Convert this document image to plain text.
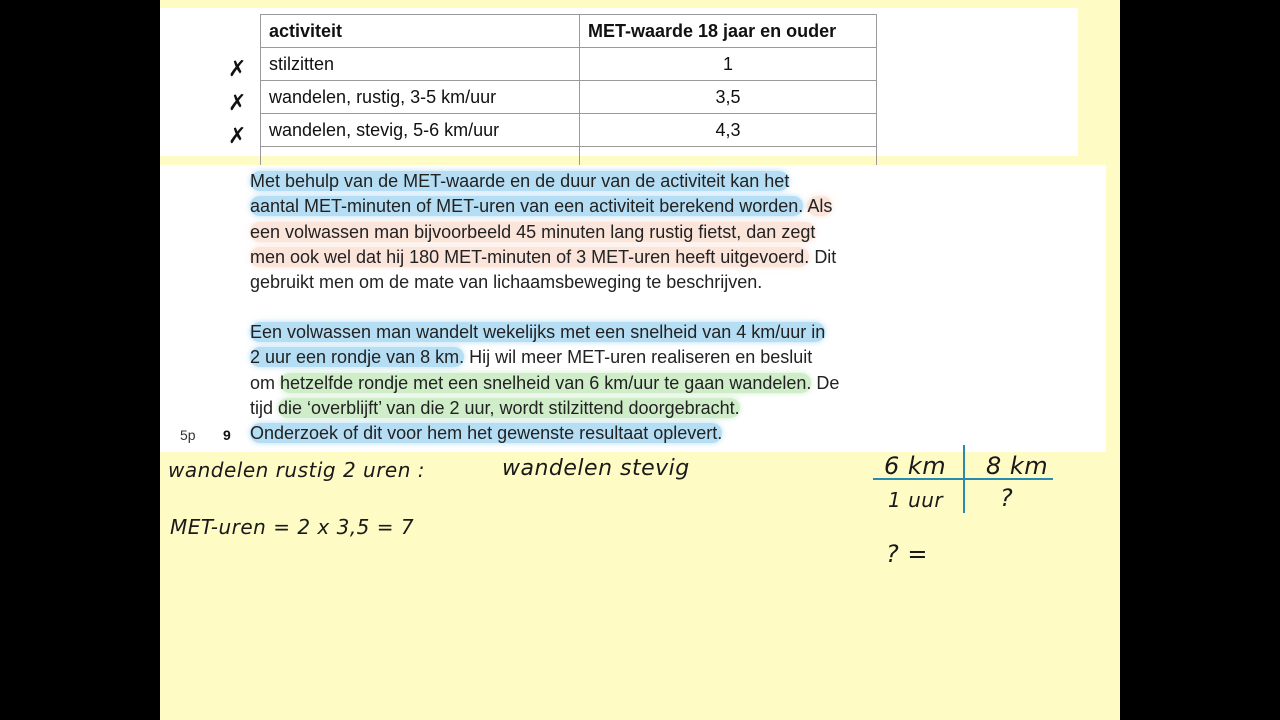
✗
✗
✗
activiteit	MET-waarde 18 jaar en ouder
stilzitten	1
wandelen, rustig, 3-5 km/uur	3,5
wandelen, stevig, 5-6 km/uur	4,3

Met behulp van de MET-waarde en de duur van de activiteit kan het
aantal MET-minuten of MET-uren van een activiteit berekend worden. Als
een volwassen man bijvoorbeeld 45 minuten lang rustig fietst, dan zegt
men ook wel dat hij 180 MET-minuten of 3 MET-uren heeft uitgevoerd. Dit
gebruikt men om de mate van lichaamsbeweging te beschrijven.
Een volwassen man wandelt wekelijks met een snelheid van 4 km/uur in
2 uur een rondje van 8 km. Hij wil meer MET-uren realiseren en besluit
om hetzelfde rondje met een snelheid van 6 km/uur te gaan wandelen. De
tijd die ‘overblijft’ van die 2 uur, wordt stilzittend doorgebracht.
Onderzoek of dit voor hem het gewenste resultaat oplevert.
5p 9
wandelen rustig 2 uren :
MET-uren = 2 x 3,5 = 7
wandelen stevig	6 km 8 km
1 uur ?
? =
